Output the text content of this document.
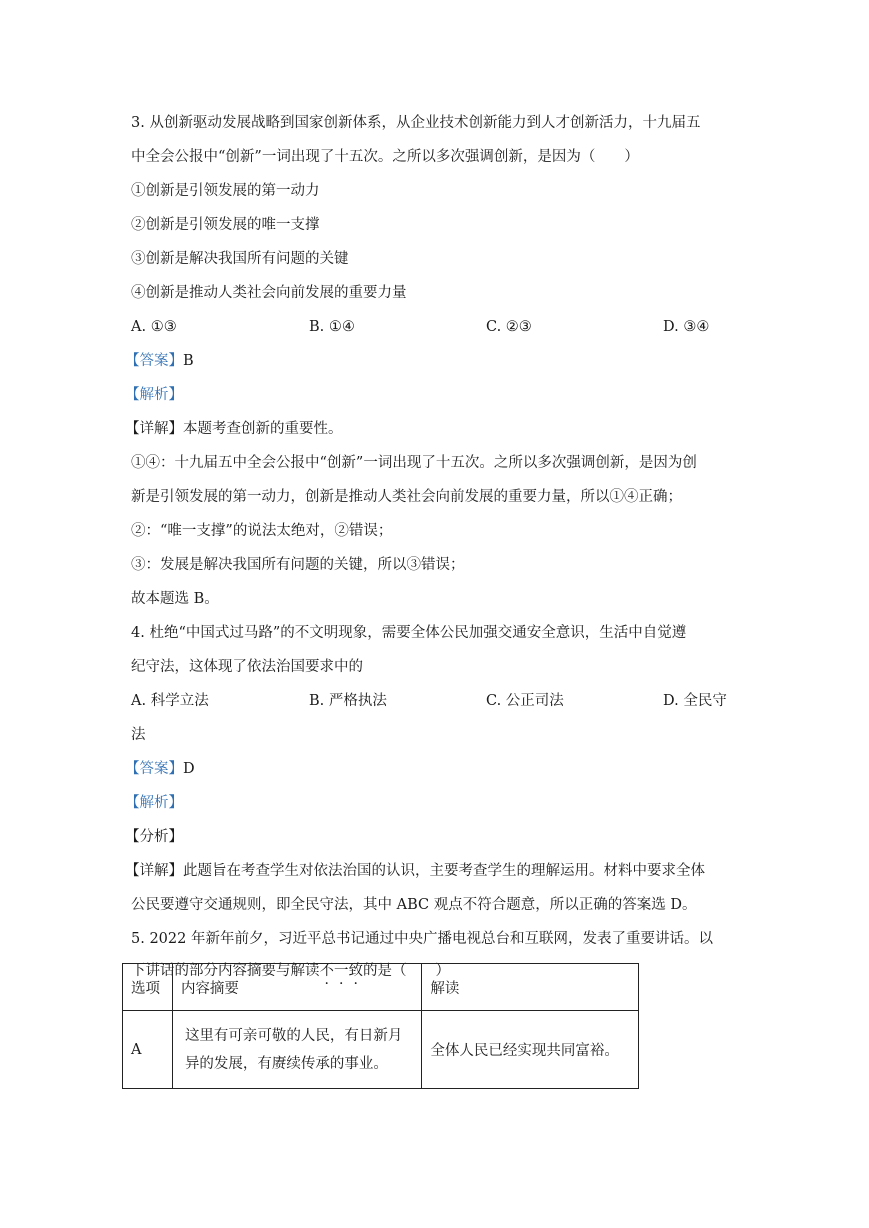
3. 从创新驱动发展战略到国家创新体系，从企业技术创新能力到人才创新活力，十九届五
中全会公报中“创新”一词出现了十五次。之所以多次强调创新，是因为（　　）
①创新是引领发展的第一动力
②创新是引领发展的唯一支撑
③创新是解决我国所有问题的关键
④创新是推动人类社会向前发展的重要力量
A. ①③	B. ①④	C. ②③	D. ③④
【答案】B
【解析】
【详解】本题考查创新的重要性。
①④：十九届五中全会公报中“创新”一词出现了十五次。之所以多次强调创新，是因为创
新是引领发展的第一动力，创新是推动人类社会向前发展的重要力量，所以①④正确；
②：“唯一支撑”的说法太绝对，②错误；
③：发展是解决我国所有问题的关键，所以③错误；
故本题选 B。
4. 杜绝“中国式过马路”的不文明现象，需要全体公民加强交通安全意识，生活中自觉遵
纪守法，这体现了依法治国要求中的
A. 科学立法	B. 严格执法	C. 公正司法	D. 全民守
法
【答案】D
【解析】
【分析】
【详解】此题旨在考查学生对依法治国的认识，主要考查学生的理解运用。材料中要求全体
公民要遵守交通规则，即全民守法，其中 ABC 观点不符合题意，所以正确的答案选 D。
5. 2022 年新年前夕，习近平总书记通过中央广播电视总台和互联网，发表了重要讲话。以
下讲话的部分内容摘要与解读不一致的是（　　）
选项	内容摘要	解读
A	这里有可亲可敬的人民，有日新月
异的发展，有赓续传承的事业。	全体人民已经实现共同富裕。
